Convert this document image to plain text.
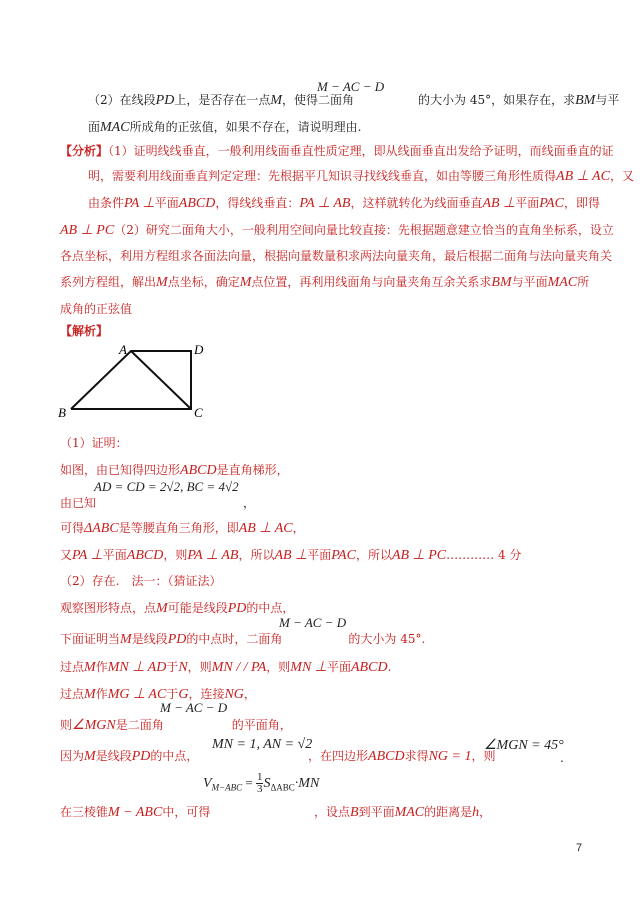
M − AC − D
（2）在线段PD上，是否存在一点M，使得二面角	的大小为 45°，如果存在，求BM与平
面MAC所成角的正弦值，如果不存在，请说明理由.
【分析】（1）证明线线垂直，一般利用线面垂直性质定理，即从线面垂直出发给予证明，而线面垂直的证
明，需要利用线面垂直判定定理：先根据平几知识寻找线线垂直，如由等腰三角形性质得AB ⊥ AC，又
由条件PA ⊥平面ABCD，得线线垂直：PA ⊥ AB，这样就转化为线面垂直AB ⊥平面PAC，即得
AB ⊥ PC（2）研究二面角大小，一般利用空间向量比较直接：先根据题意建立恰当的直角坐标系，设立
各点坐标，利用方程组求各面法向量，根据向量数量积求两法向量夹角，最后根据二面角与法向量夹角关
系列方程组，解出M点坐标，确定M点位置，再利用线面角与向量夹角互余关系求BM与平面MAC所
成角的正弦值
【解析】
A	D
B	C
（1）证明：
如图，由已知得四边形ABCD是直角梯形，
AD = CD = 2√2, BC = 4√2
由已知	，
可得ΔABC是等腰直角三角形，即AB ⊥ AC，
又PA ⊥平面ABCD，则PA ⊥ AB，所以AB ⊥平面PAC，所以AB ⊥ PC………… 4 分
（2）存在.　法一：（猜证法）
观察图形特点，点M可能是线段PD的中点，
M − AC − D
下面证明当M是线段PD的中点时，二面角	的大小为 45°.
过点M作MN ⊥ AD于N，则MN / / PA，则MN ⊥平面ABCD.
过点M作MG ⊥ AC于G，连接NG，
M − AC − D
则∠MGN是二面角	的平面角，
因为M是线段PD的中点，
MN = 1, AN = √2
，在四边形ABCD求得NG = 1，则
∠MGN = 45°
.
$V_{M-ABC} = \frac{1}{3} S_{\Delta ABC}\cdot MN$
在三棱锥M − ABC中，可得	，设点B到平面MAC的距离是h，
7
